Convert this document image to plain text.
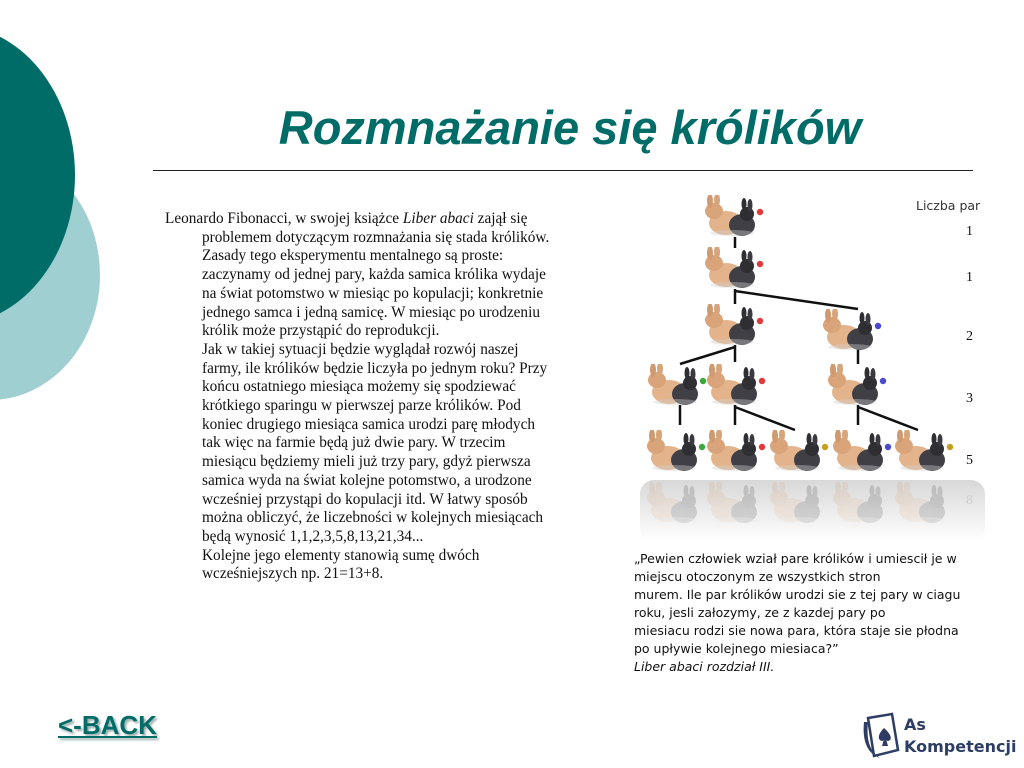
Rozmnażanie się królików

Leonardo Fibonacci, w swojej książce Liber abaci zajął się problemem dotyczącym rozmnażania się stada królików. Zasady tego eksperymentu mentalnego są proste: zaczynamy od jednej pary, każda samica królika wydaje na świat potomstwo w miesiąc po kopulacji; konkretnie jednego samca i jedną samicę. W miesiąc po urodzeniu królik może przystąpić do reprodukcji.

Jak w takiej sytuacji będzie wyglądał rozwój naszej farmy, ile królików będzie liczyła po jednym roku? Przy końcu ostatniego miesiąca możemy się spodziewać krótkiego sparingu w pierwszej parze królików. Pod koniec drugiego miesiąca samica urodzi parę młodych tak więc na farmie będą już dwie pary. W trzecim miesiącu będziemy mieli już trzy pary, gdyż pierwsza samica wyda na świat kolejne potomstwo, a urodzone wcześniej przystąpi do kopulacji itd. W łatwy sposób można obliczyć, że liczebności w kolejnych miesiącach będą wynosić 1,1,2,3,5,8,13,21,34...

Kolejne jego elementy stanowią sumę dwóch wcześniejszych np. 21=13+8.

Liczba par
1
1
2
3
5
8
„Pewien człowiek wział pare królików i umiescił je w
miejscu otoczonym ze wszystkich stron
murem. Ile par królików urodzi sie z tej pary w ciagu
roku, jesli załozymy, ze z kazdej pary po
miesiacu rodzi sie nowa para, która staje sie płodna
po upływie kolejnego miesiaca?”
Liber abaci rozdział III.
<-BACK	As
Kompetencji
